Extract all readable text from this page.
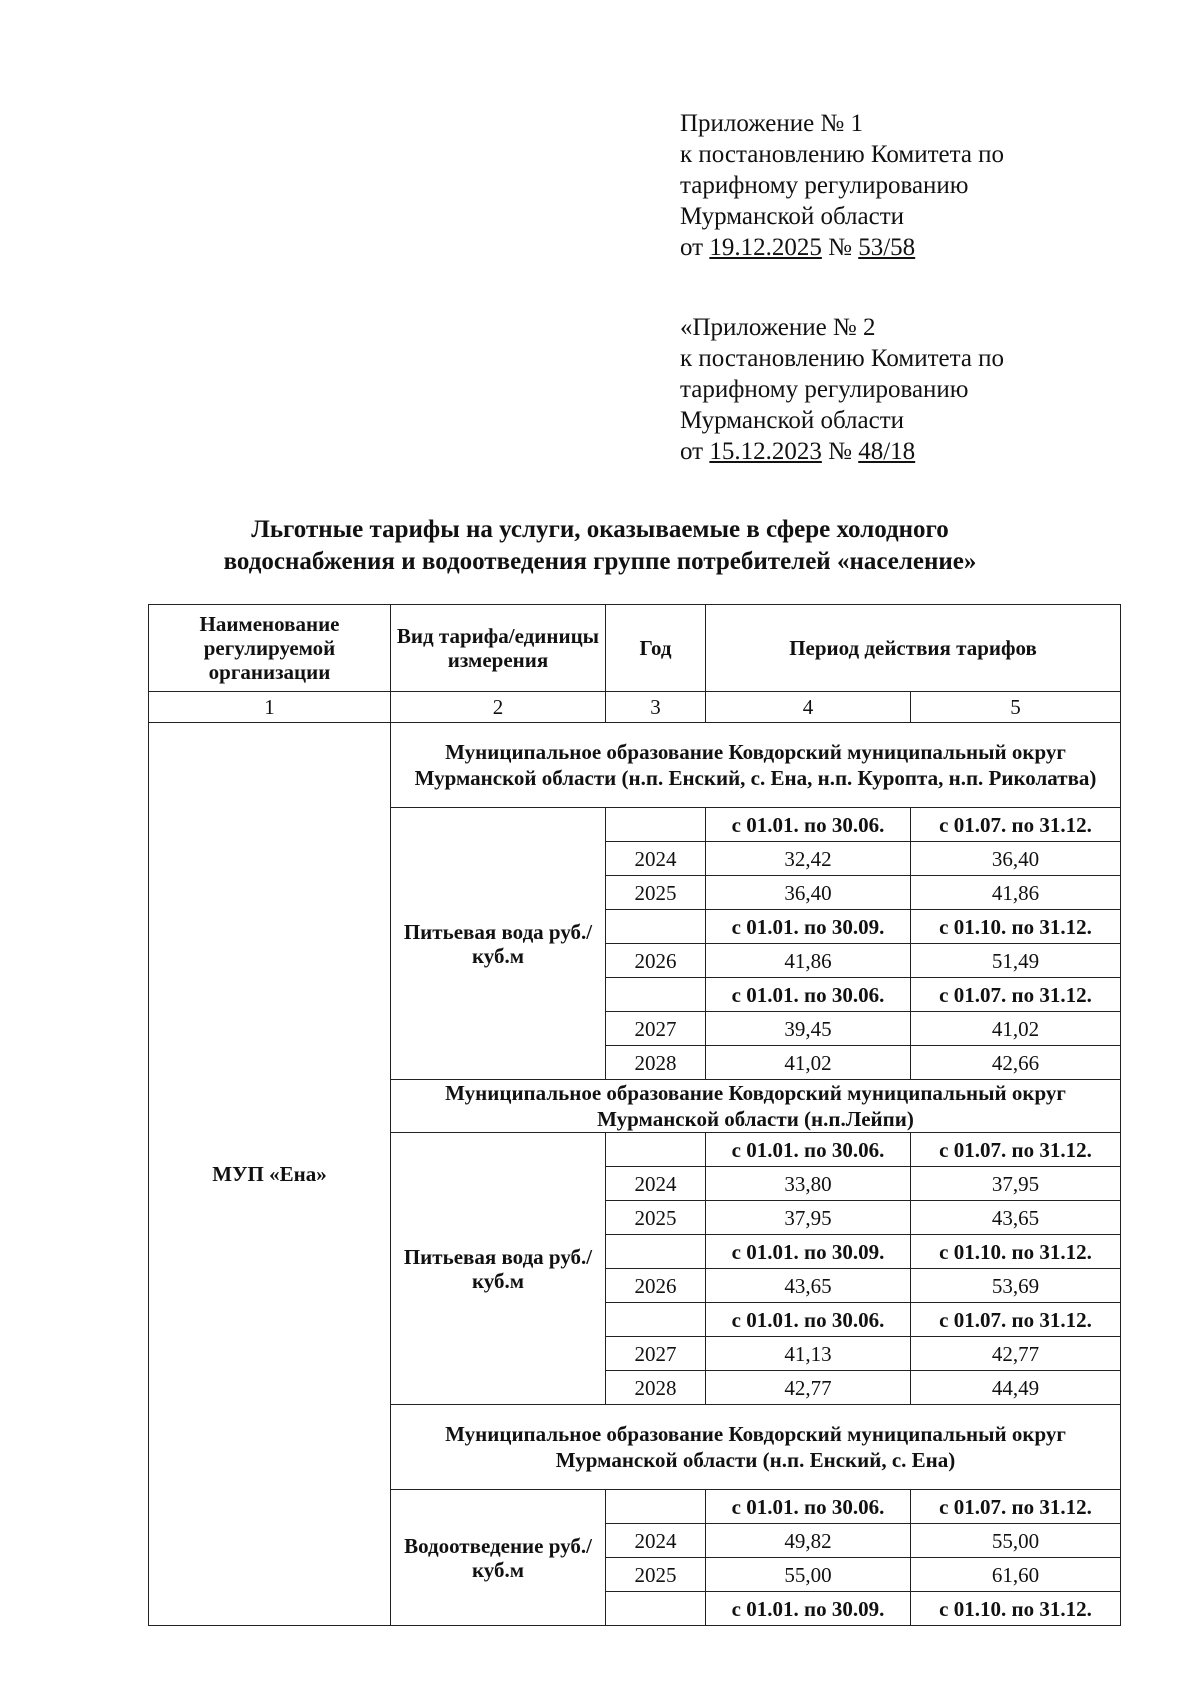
Приложение № 1
к постановлению Комитета по
тарифному регулированию
Мурманской области
от 19.12.2025 № 53/58
«Приложение № 2
к постановлению Комитета по
тарифному регулированию
Мурманской области
от 15.12.2023 № 48/18
Льготные тарифы на услуги, оказываемые в сфере холодного
водоснабжения и водоотведения группе потребителей «население»
Наименование регулируемой организации	Вид тарифа/единицы измерения	Год	Период действия тарифов	
1	2	3	4	5
МУП «Ена»	Муниципальное образование Ковдорский муниципальный округ Мурманской области (н.п. Енский, с. Ена, н.п. Куропта, н.п. Риколатва)			
	Питьевая вода руб./куб.м		с 01.01. по 30.06.	с 01.07. по 31.12.
		2024	32,42	36,40
		2025	36,40	41,86
			с 01.01. по 30.09.	с 01.10. по 31.12.
		2026	41,86	51,49
			с 01.01. по 30.06.	с 01.07. по 31.12.
		2027	39,45	41,02
		2028	41,02	42,66
	Муниципальное образование Ковдорский муниципальный округ Мурманской области (н.п.Лейпи)			
	Питьевая вода руб./куб.м		с 01.01. по 30.06.	с 01.07. по 31.12.
		2024	33,80	37,95
		2025	37,95	43,65
			с 01.01. по 30.09.	с 01.10. по 31.12.
		2026	43,65	53,69
			с 01.01. по 30.06.	с 01.07. по 31.12.
		2027	41,13	42,77
		2028	42,77	44,49
	Муниципальное образование Ковдорский муниципальный округ Мурманской области (н.п. Енский, с. Ена)			
	Водоотведение руб./куб.м		с 01.01. по 30.06.	с 01.07. по 31.12.
		2024	49,82	55,00
		2025	55,00	61,60
			с 01.01. по 30.09.	с 01.10. по 31.12.
